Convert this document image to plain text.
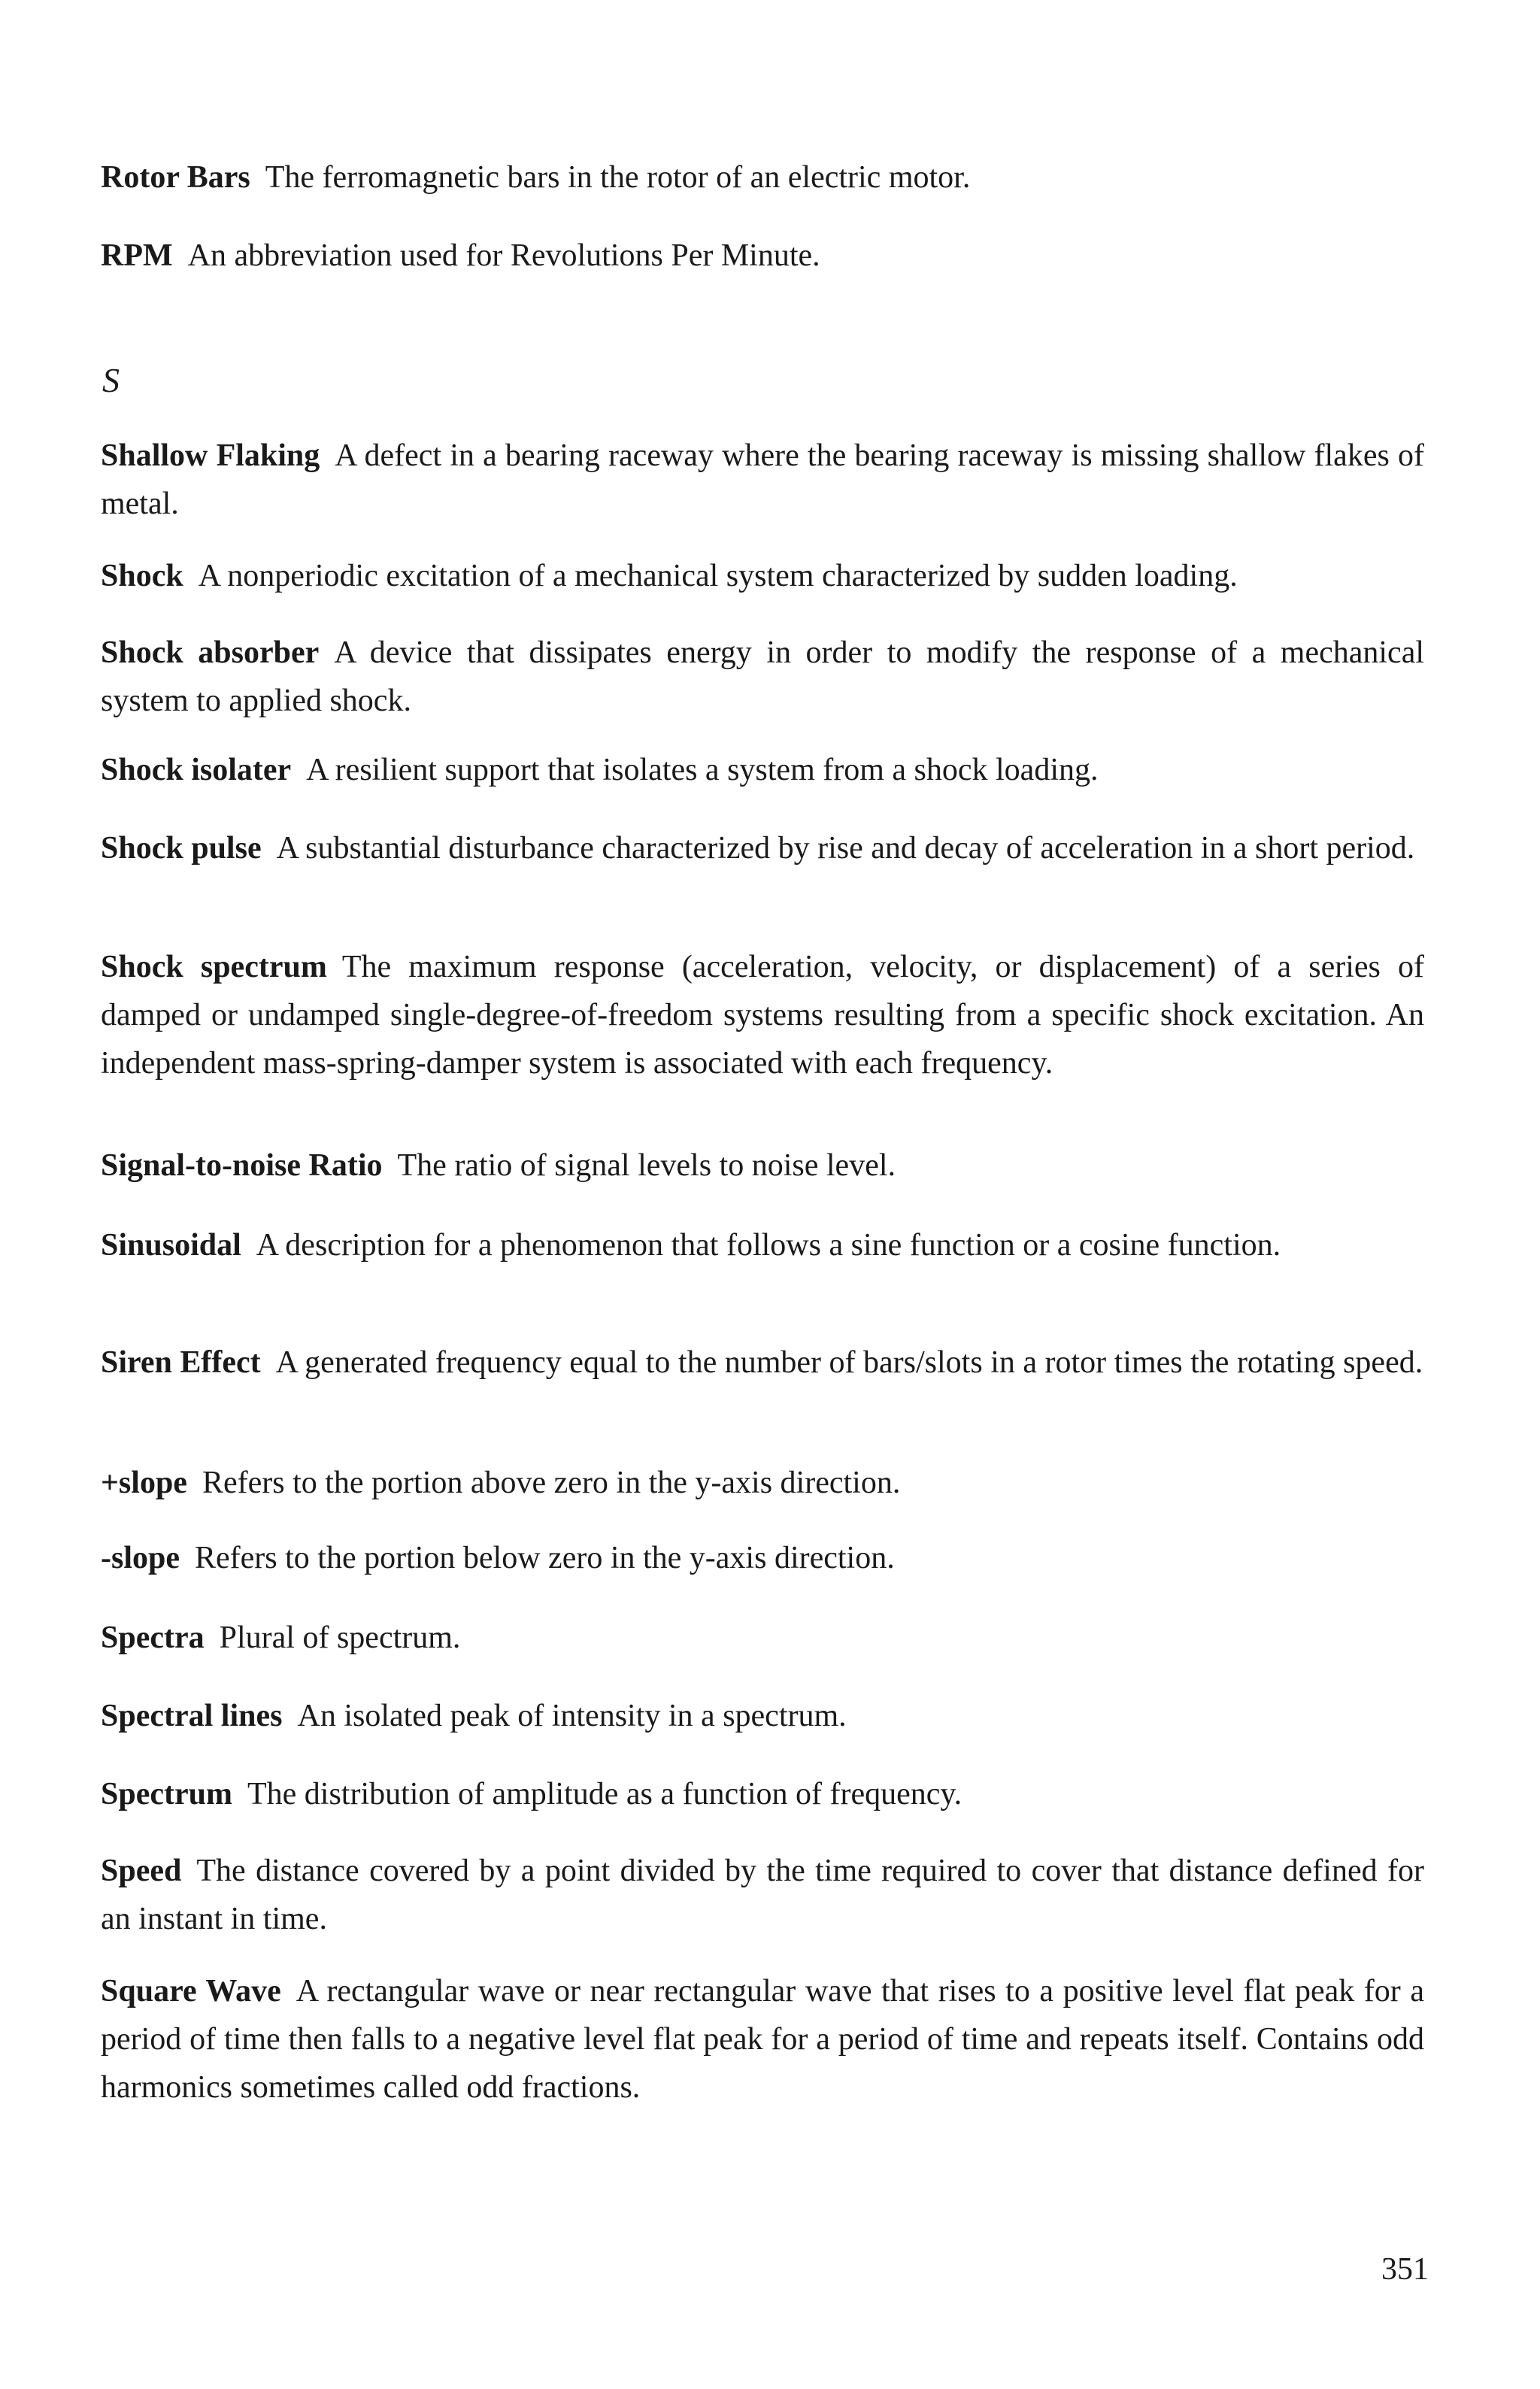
Rotor Bars The ferromagnetic bars in the rotor of an electric motor.
RPM An abbreviation used for Revolutions Per Minute.
S
Shallow Flaking A defect in a bearing raceway where the bearing raceway is missing shallow flakes of metal.
Shock A nonperiodic excitation of a mechanical system characterized by sudden loading.
Shock absorber A device that dissipates energy in order to modify the response of a mechanical system to applied shock.
Shock isolater A resilient support that isolates a system from a shock loading.
Shock pulse A substantial disturbance characterized by rise and decay of acceleration in a short period.
Shock spectrum The maximum response (acceleration, velocity, or displacement) of a series of damped or undamped single-degree-of-freedom systems resulting from a specific shock excitation. An independent mass-spring-damper system is associated with each frequency.
Signal-to-noise Ratio The ratio of signal levels to noise level.
Sinusoidal A description for a phenomenon that follows a sine function or a cosine function.
Siren Effect A generated frequency equal to the number of bars/slots in a rotor times the rotating speed.
+slope Refers to the portion above zero in the y-axis direction.
-slope Refers to the portion below zero in the y-axis direction.
Spectra Plural of spectrum.
Spectral lines An isolated peak of intensity in a spectrum.
Spectrum The distribution of amplitude as a function of frequency.
Speed The distance covered by a point divided by the time required to cover that distance defined for an instant in time.
Square Wave A rectangular wave or near rectangular wave that rises to a positive level flat peak for a period of time then falls to a negative level flat peak for a period of time and repeats itself. Contains odd harmonics sometimes called odd fractions.
351
